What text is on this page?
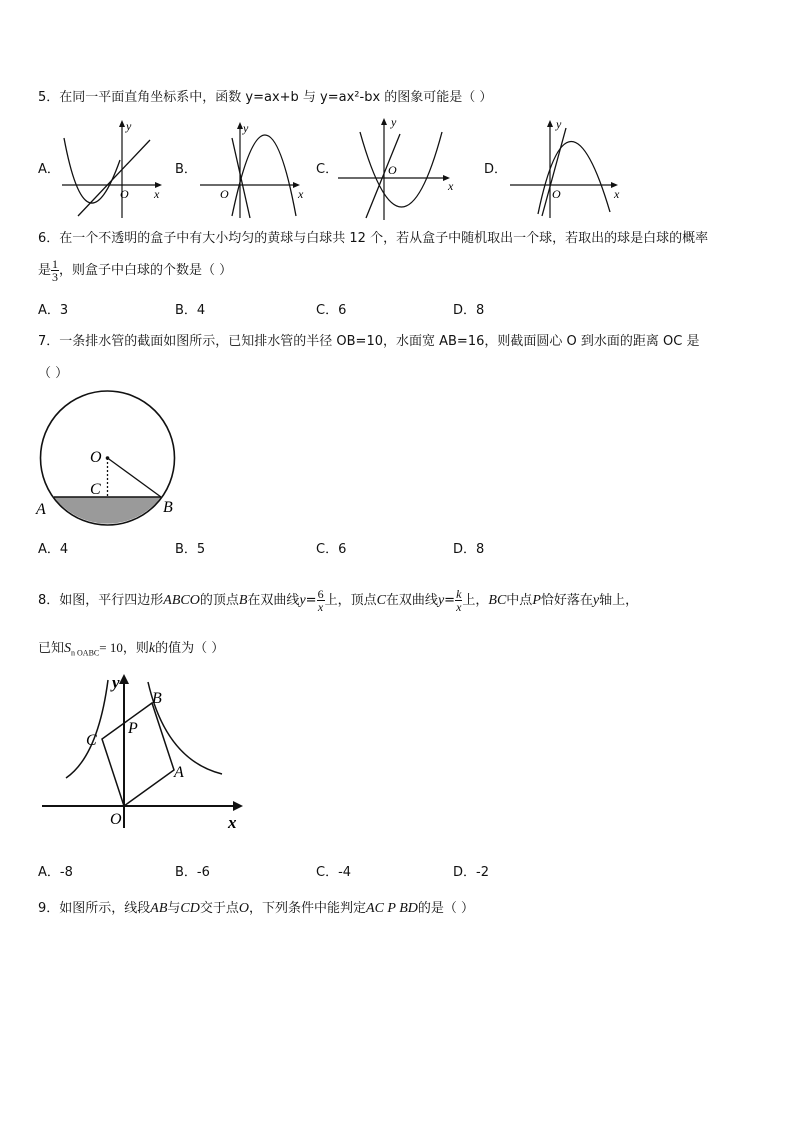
5．在同一平面直角坐标系中，函数 y=ax+b 与 y=ax²-bx 的图象可能是（ ）
A．
y
x
O
B．
y
x
O
C．
y
x
O	D．
y
x
O
6．在一个不透明的盒子中有大小均匀的黄球与白球共 12 个，若从盒子中随机取出一个球，若取出的球是白球的概率
是 $\frac{1}{3}$ ，则盒子中白球的个数是（ ）
A．3	B．4	C．6	D．8
7．一条排水管的截面如图所示，已知排水管的半径 OB=10，水面宽 AB=16，则截面圆心 O 到水面的距离 OC 是
（ ）
O
C
A	B
A．4	B．5	C．6	D．8
8．如图，平行四边形ABCO的顶点B在双曲线$y= \frac{6}{x}$ 上，顶点C在双曲线$y= \frac{k}{x}$ 上，BC中点P恰好落在y轴上，
已知$S_{n OABC}= 10$，则k的值为（ ）
y
x
B
C
P
A
O
A．-8	B．-6	C．-4	D．-2
9．如图所示，线段AB与CD交于点O，下列条件中能判定AC P BD的是（ ）
